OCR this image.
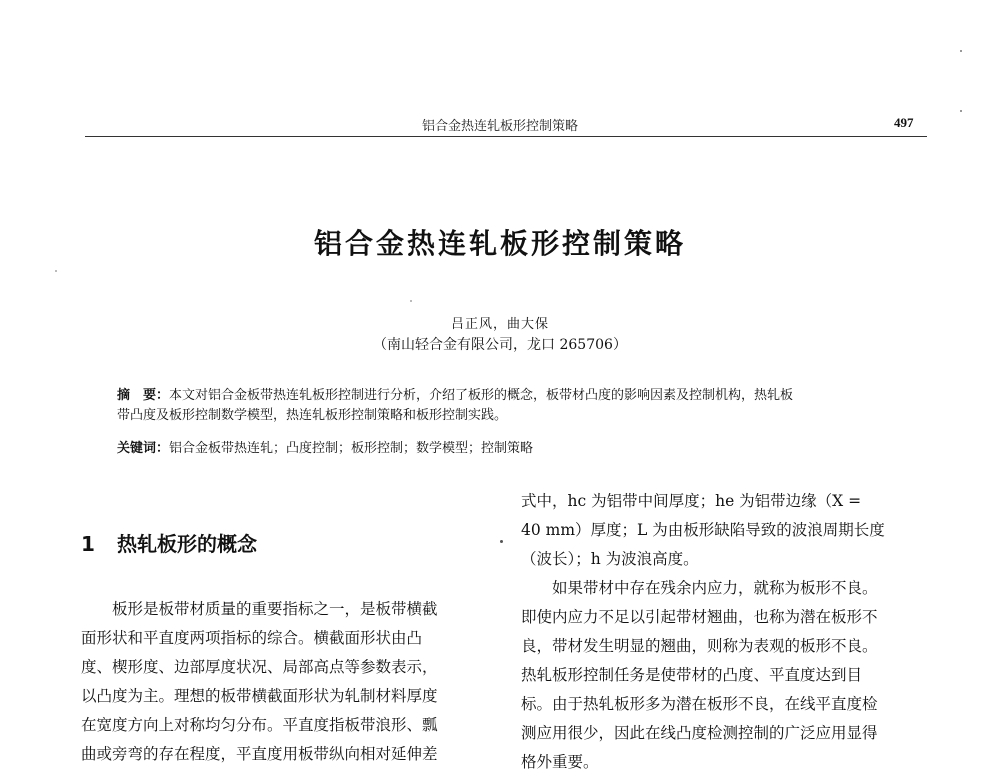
铝合金热连轧板形控制策略	497
铝合金热连轧板形控制策略
吕正风，曲大保
（南山轻合金有限公司，龙口 265706）
摘　要：本文对铝合金板带热连轧板形控制进行分析，介绍了板形的概念，板带材凸度的影响因素及控制机构，热轧板
带凸度及板形控制数学模型，热连轧板形控制策略和板形控制实践。
关键词：铝合金板带热连轧；凸度控制；板形控制；数学模型；控制策略
1 热轧板形的概念
板形是板带材质量的重要指标之一，是板带横截
面形状和平直度两项指标的综合。横截面形状由凸
度、楔形度、边部厚度状况、局部高点等参数表示，
以凸度为主。理想的板带横截面形状为轧制材料厚度
在宽度方向上对称均匀分布。平直度指板带浪形、瓢
曲或旁弯的存在程度，平直度用板带纵向相对延伸差
式中，hc 为铝带中间厚度；he 为铝带边缘（X =
40 mm）厚度；L 为由板形缺陷导致的波浪周期长度
（波长）；h 为波浪高度。
如果带材中存在残余内应力，就称为板形不良。
即使内应力不足以引起带材翘曲，也称为潜在板形不
良，带材发生明显的翘曲，则称为表观的板形不良。
热轧板形控制任务是使带材的凸度、平直度达到目
标。由于热轧板形多为潜在板形不良，在线平直度检
测应用很少，因此在线凸度检测控制的广泛应用显得
格外重要。
